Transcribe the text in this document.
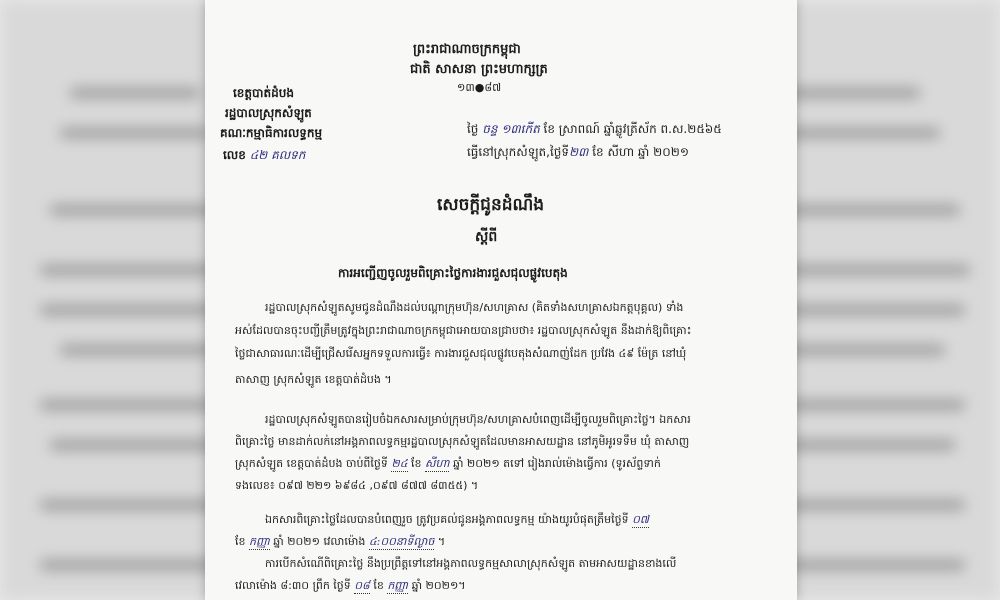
ព្រះរាជាណាចក្រកម្ពុជា
ជាតិ សាសនា ព្រះមហាក្សត្រ
១៣●៨៧
ខេត្តបាត់ដំបង
រដ្ឋបាលស្រុកសំឡូត
គណៈកម្មាធិការលទ្ធកម្ម
លេខ ៤២ គលទក
ថ្ងៃ ចន្ទ ១៣កើត ខែ ស្រាពណ៍ ឆ្នាំឆ្លូវត្រីស័ក ព.ស.២៥៦៥
ធ្វើនៅស្រុកសំឡូត,ថ្ងៃទី២៣ ខែ សីហា ឆ្នាំ ២០២១
សេចក្តីជូនដំណឹង
ស្តីពី
ការអញ្ជើញចូលរួមពិគ្រោះថ្លៃការងារជួសជុលផ្លូវបេតុង
រដ្ឋបាលស្រុកសំឡូតសូមជូនដំណឹងដល់បណ្តាក្រុមហ៊ុន/សហគ្រាស (គិតទាំងសហគ្រាសឯកត្តបុគ្គល) ទាំង
អស់ដែលបានចុះបញ្ជីត្រឹមត្រូវក្នុងព្រះរាជាណាចក្រកម្ពុជាអោយបានជ្រាបថា៖ រដ្ឋបាលស្រុកសំឡូត នឹងដាក់ឱ្យពិគ្រោះ
ថ្លៃជាសាធារណៈដើម្បីជ្រើសរើសអ្នកទទួលការធ្វើ៖ ការងារជួសជុលផ្លូវបេតុងសំណាញ់ដែក ប្រវែង ៤៩ ម៉ែត្រ នៅឃុំ
តាសាញ ស្រុកសំឡូត ខេត្តបាត់ដំបង ។
រដ្ឋបាលស្រុកសំឡូតបានរៀបចំឯកសារសម្រាប់ក្រុមហ៊ុន/សហគ្រាសបំពេញដើម្បីចូលរួមពិគ្រោះថ្លៃ។ ឯកសារ
ពិគ្រោះថ្លៃ មានដាក់លក់នៅអង្គភាពលទ្ធកម្មរដ្ឋបាលស្រុកសំឡូតដែលមានអាសយដ្ឋាន នៅភូមិអូរទទឹម ឃុំ តាសាញ
ស្រុកសំឡូត ខេត្តបាត់ដំបង ចាប់ពីថ្ងៃទី ២៤ ខែ សីហា ឆ្នាំ ២០២១ តទៅ រៀងរាល់ម៉ោងធ្វើការ (ទូរស័ព្ទទាក់
ទងលេខ៖ ០៩៧ ២២១ ៦៩៨៤ ,០៩៧ ៨៧៧ ៨៣៥៥) ។
ឯកសារពិគ្រោះថ្លៃដែលបានបំពេញរួច ត្រូវប្រគល់ជូនអង្គភាពលទ្ធកម្ម យ៉ាងយូរបំផុតត្រឹមថ្ងៃទី ០៧
ខែ កញ្ញា ឆ្នាំ ២០២១ វេលាម៉ោង ៤:០០នាទីល្ងាច ។
ការបើកសំណើពិគ្រោះថ្លៃ នឹងប្រព្រឹត្តទៅនៅអង្គភាពលទ្ធកម្មសាលាស្រុកសំឡូត តាមអាសយដ្ឋានខាងលើ
វេលាម៉ោង ៨:៣០ ព្រឹក ថ្ងៃទី ០៨ ខែ កញ្ញា ឆ្នាំ ២០២១។
